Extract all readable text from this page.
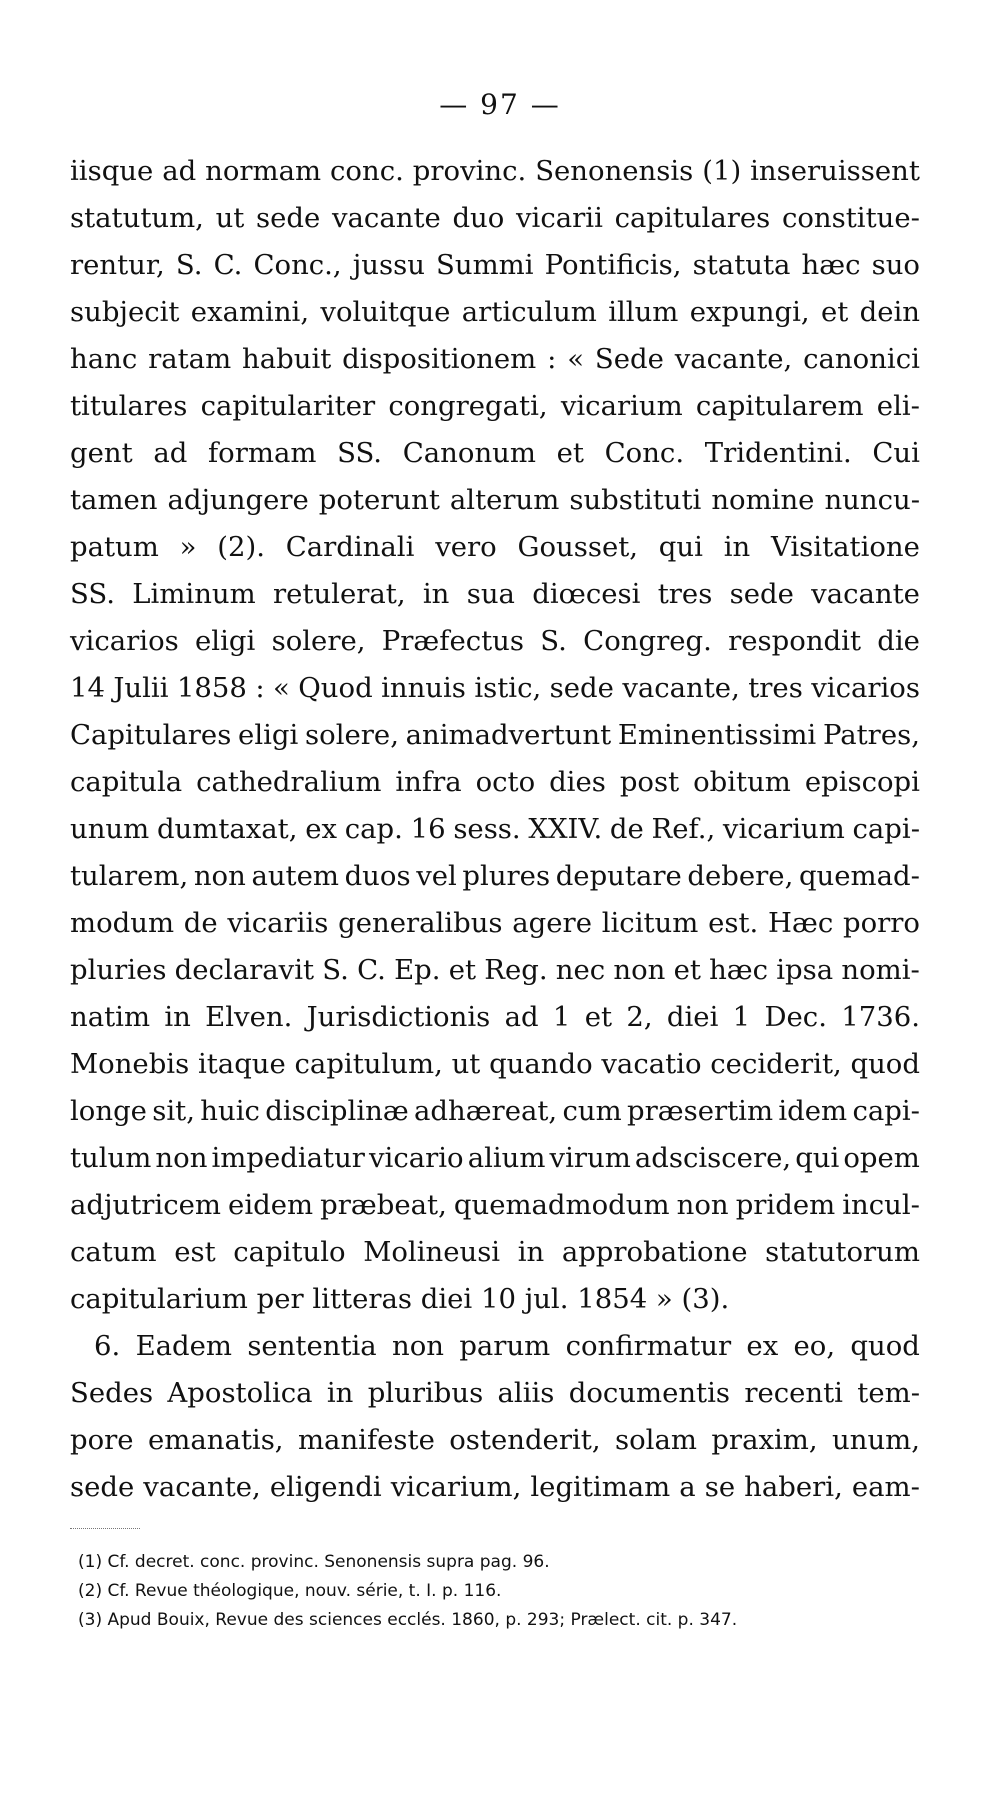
— 97 —
iisque ad normam conc. provinc. Senonensis (1) inseruissent
statutum, ut sede vacante duo vicarii capitulares constitue-
rentur, S. C. Conc., jussu Summi Pontificis, statuta hæc suo
subjecit examini, voluitque articulum illum expungi, et dein
hanc ratam habuit dispositionem : « Sede vacante, canonici
titulares capitulariter congregati, vicarium capitularem eli-
gent ad formam SS. Canonum et Conc. Tridentini. Cui
tamen adjungere poterunt alterum substituti nomine nuncu-
patum » (2). Cardinali vero Gousset, qui in Visitatione
SS. Liminum retulerat, in sua diœcesi tres sede vacante
vicarios eligi solere, Præfectus S. Congreg. respondit die
14 Julii 1858 : « Quod innuis istic, sede vacante, tres vicarios
Capitulares eligi solere, animadvertunt Eminentissimi Patres,
capitula cathedralium infra octo dies post obitum episcopi
unum dumtaxat, ex cap. 16 sess. XXIV. de Ref., vicarium capi-
tularem, non autem duos vel plures deputare debere, quemad-
modum de vicariis generalibus agere licitum est. Hæc porro
pluries declaravit S. C. Ep. et Reg. nec non et hæc ipsa nomi-
natim in Elven. Jurisdictionis ad 1 et 2, diei 1 Dec. 1736.
Monebis itaque capitulum, ut quando vacatio ceciderit, quod
longe sit, huic disciplinæ adhæreat, cum præsertim idem capi-
tulum non impediatur vicario alium virum adsciscere, qui opem
adjutricem eidem præbeat, quemadmodum non pridem incul-
catum est capitulo Molineusi in approbatione statutorum
capitularium per litteras diei 10 jul. 1854 » (3).
6. Eadem sententia non parum confirmatur ex eo, quod
Sedes Apostolica in pluribus aliis documentis recenti tem-
pore emanatis, manifeste ostenderit, solam praxim, unum,
sede vacante, eligendi vicarium, legitimam a se haberi, eam-
(1) Cf. decret. conc. provinc. Senonensis supra pag. 96.
(2) Cf. Revue théologique, nouv. série, t. I. p. 116.
(3) Apud Bouix, Revue des sciences ecclés. 1860, p. 293; Prælect. cit. p. 347.
